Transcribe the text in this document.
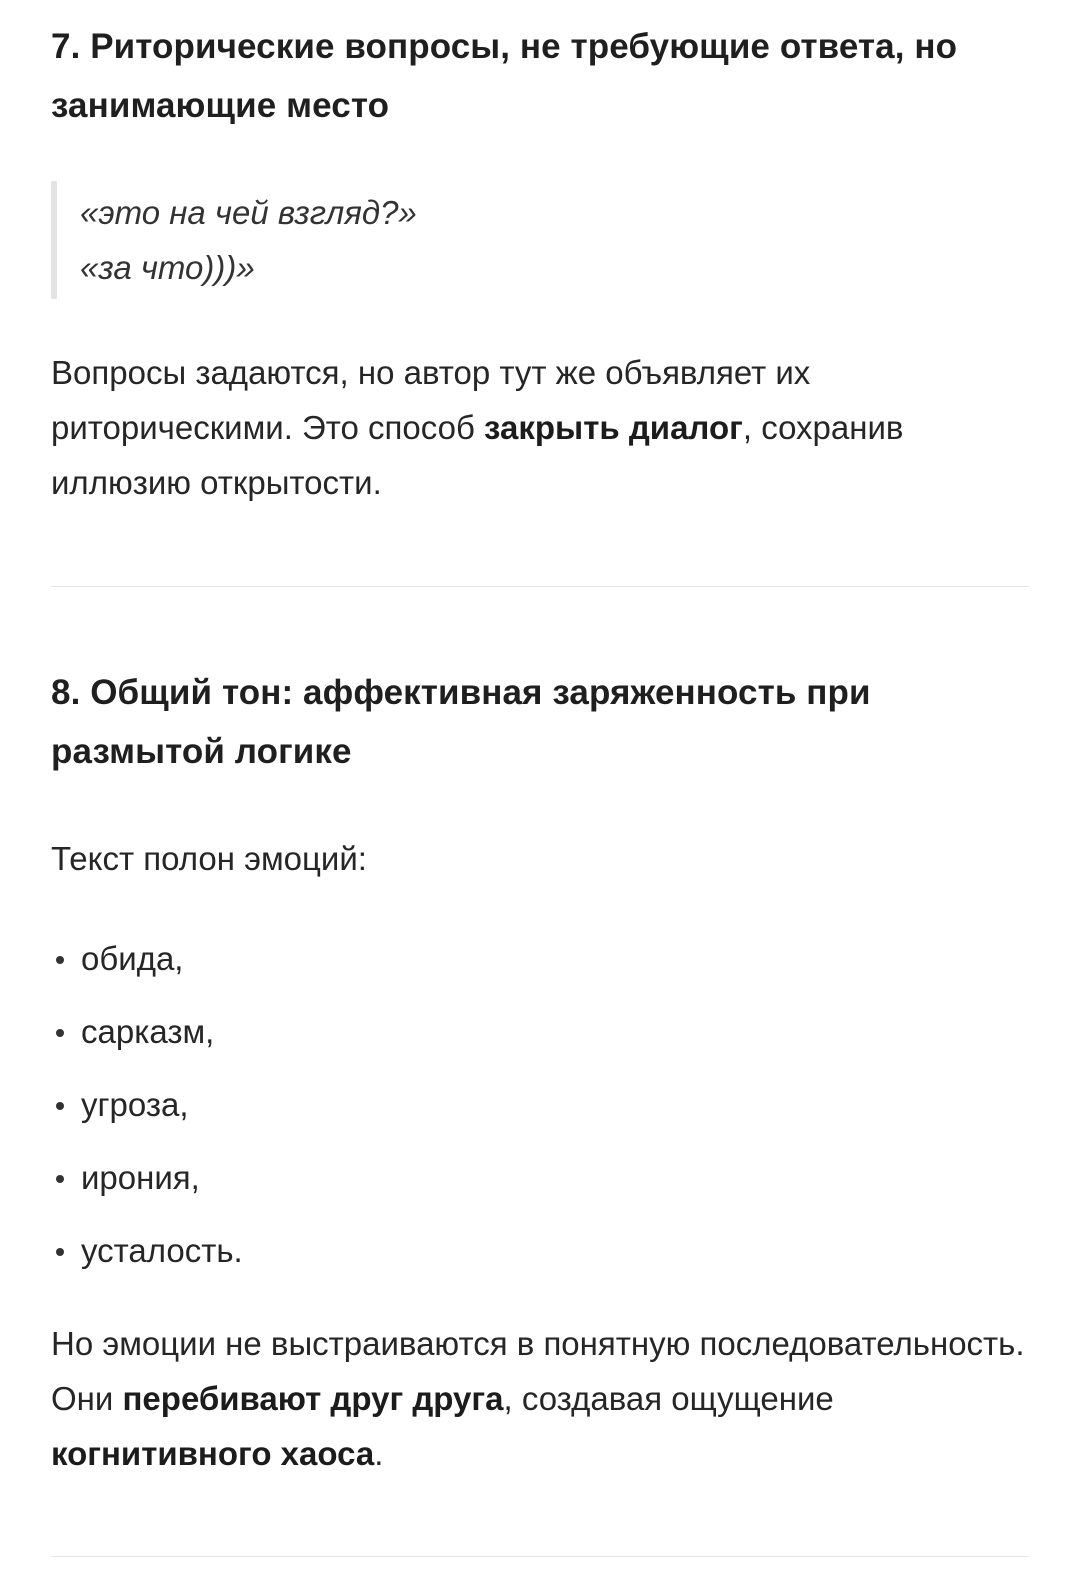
7. Риторические вопросы, не требующие ответа, но занимающие место
«это на чей взгляд?»
«за что)))»

Вопросы задаются, но автор тут же объявляет их риторическими. Это способ закрыть диалог, сохранив иллюзию открытости.

8. Общий тон: аффективная заряженность при размытой логике

Текст полон эмоций:

обида,
сарказм,
угроза,
ирония,
усталость.

Но эмоции не выстраиваются в понятную последовательность. Они перебивают друг друга, создавая ощущение когнитивного хаоса.
